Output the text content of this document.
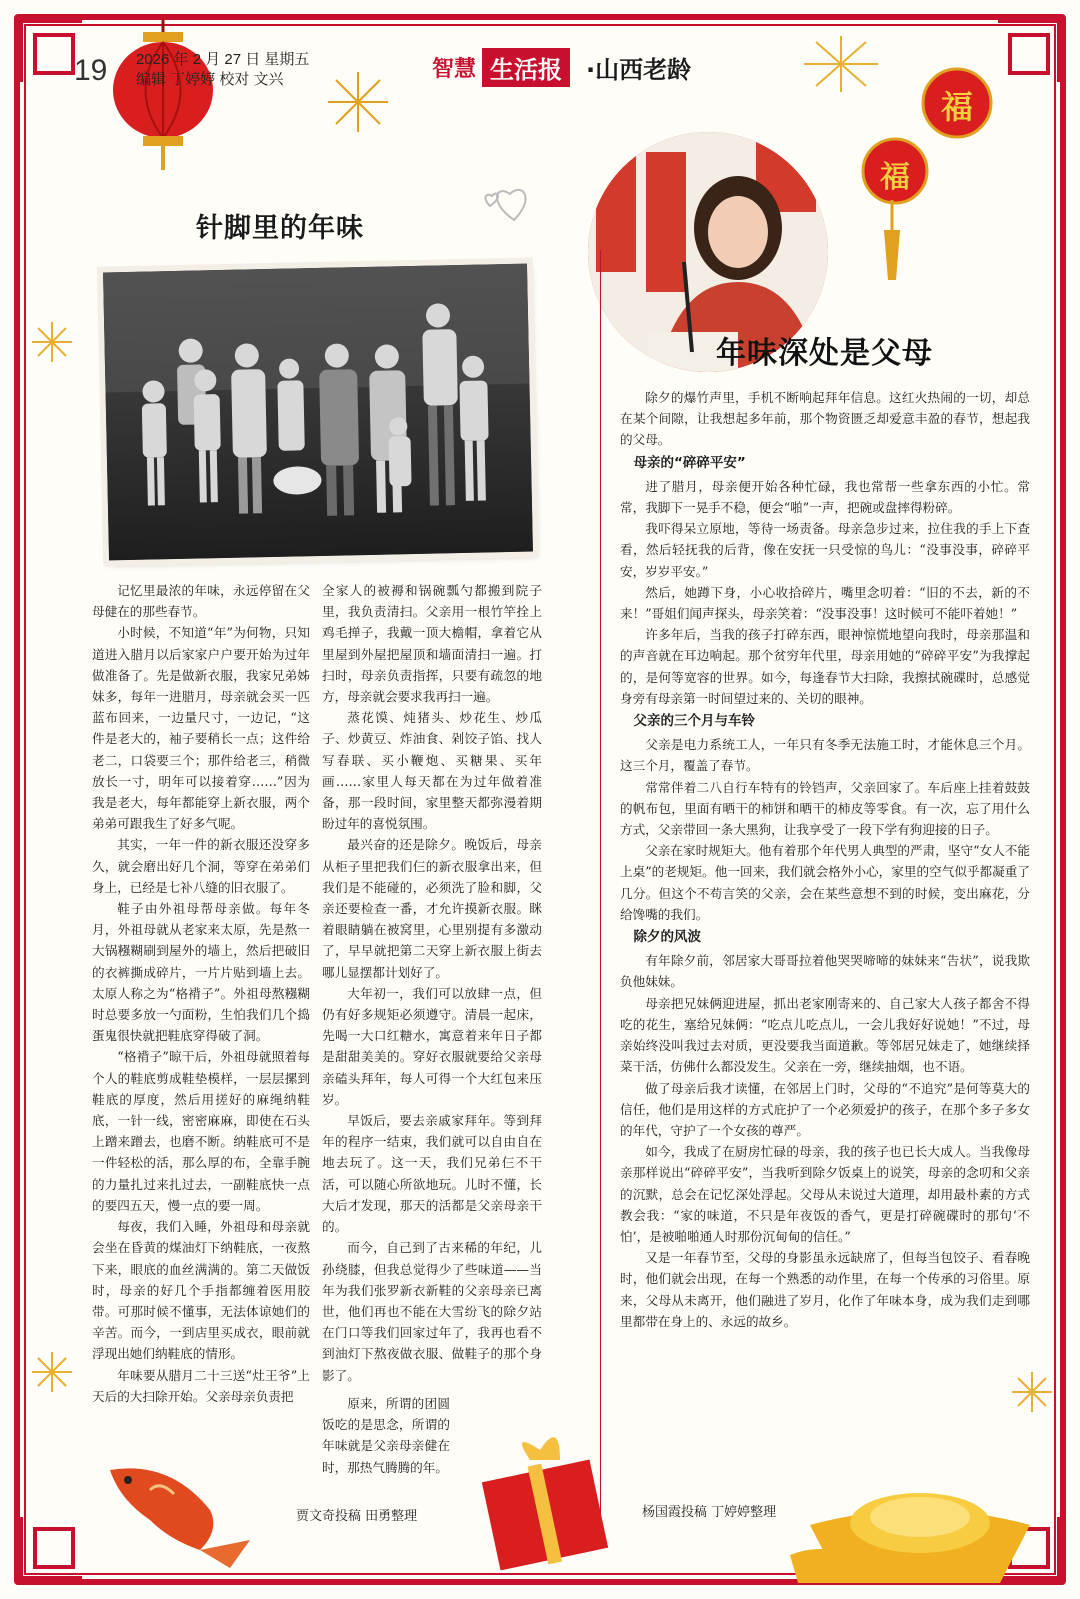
福
福
19 2026 年 2 月 27 日 星期五
编辑 丁婷婷 校对 文兴	智慧 生活报	·山西老龄
针脚里的年味
年味深处是父母

记忆里最浓的年味，永远停留在父母健在的那些春节。

小时候，不知道“年”为何物，只知道进入腊月以后家家户户要开始为过年做准备了。先是做新衣服，我家兄弟姊妹多，每年一进腊月，母亲就会买一匹蓝布回来，一边量尺寸，一边记，“这件是老大的，袖子要稍长一点；这件给老二，口袋要三个；那件给老三，稍微放长一寸，明年可以接着穿……”因为我是老大，每年都能穿上新衣服，两个弟弟可跟我生了好多气呢。

其实，一年一件的新衣服还没穿多久，就会磨出好几个洞，等穿在弟弟们身上，已经是七补八缝的旧衣服了。

鞋子由外祖母帮母亲做。每年冬月，外祖母就从老家来太原，先是熬一大锅糨糊刷到屋外的墙上，然后把破旧的衣裤撕成碎片，一片片贴到墙上去。太原人称之为“格褙子”。外祖母熬糨糊时总要多放一勺面粉，生怕我们几个捣蛋鬼很快就把鞋底穿得破了洞。

“格褙子”晾干后，外祖母就照着每个人的鞋底剪成鞋垫模样，一层层摞到鞋底的厚度，然后用搓好的麻绳纳鞋底，一针一线，密密麻麻，即使在石头上蹭来蹭去，也磨不断。纳鞋底可不是一件轻松的活，那么厚的布，全靠手腕的力量扎过来扎过去，一副鞋底快一点的要四五天，慢一点的要一周。

每夜，我们入睡，外祖母和母亲就会坐在昏黄的煤油灯下纳鞋底，一夜熬下来，眼底的血丝满满的。第二天做饭时，母亲的好几个手指都缠着医用胶带。可那时候不懂事，无法体谅她们的辛苦。而今，一到店里买成衣，眼前就浮现出她们纳鞋底的情形。

年味要从腊月二十三送“灶王爷”上天后的大扫除开始。父亲母亲负责把

全家人的被褥和锅碗瓢勺都搬到院子里，我负责清扫。父亲用一根竹竿拴上鸡毛掸子，我戴一顶大檐帽，拿着它从里屋到外屋把屋顶和墙面清扫一遍。打扫时，母亲负责指挥，只要有疏忽的地方，母亲就会要求我再扫一遍。

蒸花馍、炖猪头、炒花生、炒瓜子、炒黄豆、炸油食、剁饺子馅、找人写春联、买小鞭炮、买糖果、买年画……家里人每天都在为过年做着准备，那一段时间，家里整天都弥漫着期盼过年的喜悦氛围。

最兴奋的还是除夕。晚饭后，母亲从柜子里把我们仨的新衣服拿出来，但我们是不能碰的，必须洗了脸和脚，父亲还要检查一番，才允许摸新衣服。眯着眼睛躺在被窝里，心里别提有多激动了，早早就把第二天穿上新衣服上街去哪儿显摆都计划好了。

大年初一，我们可以放肆一点，但仍有好多规矩必须遵守。清晨一起床，先喝一大口红糖水，寓意着来年日子都是甜甜美美的。穿好衣服就要给父亲母亲磕头拜年，每人可得一个大红包来压岁。

早饭后，要去亲戚家拜年。等到拜年的程序一结束，我们就可以自由自在地去玩了。这一天，我们兄弟仨不干活，可以随心所欲地玩。儿时不懂，长大后才发现，那天的活都是父亲母亲干的。

而今，自己到了古来稀的年纪，儿孙绕膝，但我总觉得少了些味道——当年为我们张罗新衣新鞋的父亲母亲已离世，他们再也不能在大雪纷飞的除夕站在门口等我们回家过年了，我再也看不到油灯下熬夜做衣服、做鞋子的那个身影了。

原来，所谓的团圆饭吃的是思念，所谓的年味就是父亲母亲健在时，那热气腾腾的年。

贾文奇投稿 田勇整理

除夕的爆竹声里，手机不断响起拜年信息。这红火热闹的一切，却总在某个间隙，让我想起多年前，那个物资匮乏却爱意丰盈的春节，想起我的父母。

母亲的“碎碎平安”

进了腊月，母亲便开始各种忙碌，我也常帮一些拿东西的小忙。常常，我脚下一晃手不稳，便会“啪”一声，把碗或盘摔得粉碎。

我吓得呆立原地，等待一场责备。母亲急步过来，拉住我的手上下查看，然后轻抚我的后背，像在安抚一只受惊的鸟儿：“没事没事，碎碎平安，岁岁平安。”

然后，她蹲下身，小心收拾碎片，嘴里念叨着：“旧的不去，新的不来！”哥姐们闻声探头，母亲笑着：“没事没事！这时候可不能吓着她！”

许多年后，当我的孩子打碎东西，眼神惊慌地望向我时，母亲那温和的声音就在耳边响起。那个贫穷年代里，母亲用她的“碎碎平安”为我撑起的，是何等宽容的世界。如今，每逢春节大扫除，我擦拭碗碟时，总感觉身旁有母亲第一时间望过来的、关切的眼神。

父亲的三个月与车铃

父亲是电力系统工人，一年只有冬季无法施工时，才能休息三个月。这三个月，覆盖了春节。

常常伴着二八自行车特有的铃铛声，父亲回家了。车后座上挂着鼓鼓的帆布包，里面有晒干的柿饼和晒干的柿皮等零食。有一次，忘了用什么方式，父亲带回一条大黑狗，让我享受了一段下学有狗迎接的日子。

父亲在家时规矩大。他有着那个年代男人典型的严肃，坚守“女人不能上桌”的老规矩。他一回来，我们就会格外小心，家里的空气似乎都凝重了几分。但这个不苟言笑的父亲，会在某些意想不到的时候，变出麻花，分给馋嘴的我们。

除夕的风波

有年除夕前，邻居家大哥哥拉着他哭哭啼啼的妹妹来“告状”，说我欺负他妹妹。

母亲把兄妹俩迎进屋，抓出老家刚寄来的、自己家大人孩子都舍不得吃的花生，塞给兄妹俩：“吃点儿吃点儿，一会儿我好好说她！”不过，母亲始终没叫我过去对质，更没要我当面道歉。等邻居兄妹走了，她继续择菜干活，仿佛什么都没发生。父亲在一旁，继续抽烟，也不语。

做了母亲后我才读懂，在邻居上门时，父母的“不追究”是何等莫大的信任，他们是用这样的方式庇护了一个必须爱护的孩子，在那个多子多女的年代，守护了一个女孩的尊严。

如今，我成了在厨房忙碌的母亲，我的孩子也已长大成人。当我像母亲那样说出“碎碎平安”，当我听到除夕饭桌上的说笑，母亲的念叨和父亲的沉默，总会在记忆深处浮起。父母从未说过大道理，却用最朴素的方式教会我：“家的味道，不只是年夜饭的香气，更是打碎碗碟时的那句‘不怕’，是被啪啪通人时那份沉甸甸的信任。”

又是一年春节至，父母的身影虽永远缺席了，但每当包饺子、看春晚时，他们就会出现，在每一个熟悉的动作里，在每一个传承的习俗里。原来，父母从未离开，他们融进了岁月，化作了年味本身，成为我们走到哪里都带在身上的、永远的故乡。

杨国霞投稿 丁婷婷整理
